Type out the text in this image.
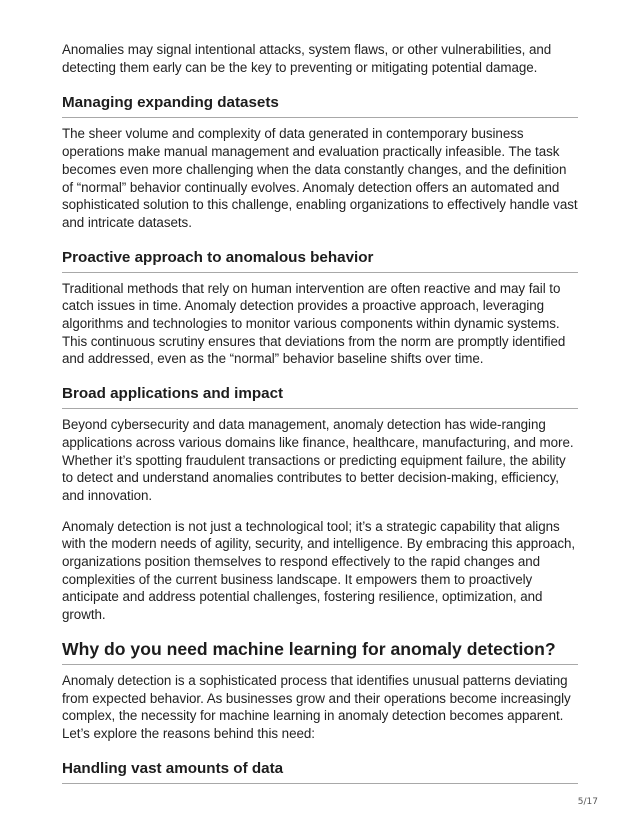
Anomalies may signal intentional attacks, system flaws, or other vulnerabilities, and detecting them early can be the key to preventing or mitigating potential damage.

Managing expanding datasets

The sheer volume and complexity of data generated in contemporary business operations make manual management and evaluation practically infeasible. The task becomes even more challenging when the data constantly changes, and the definition of “normal” behavior continually evolves. Anomaly detection offers an automated and sophisticated solution to this challenge, enabling organizations to effectively handle vast and intricate datasets.

Proactive approach to anomalous behavior

Traditional methods that rely on human intervention are often reactive and may fail to catch issues in time. Anomaly detection provides a proactive approach, leveraging algorithms and technologies to monitor various components within dynamic systems. This continuous scrutiny ensures that deviations from the norm are promptly identified and addressed, even as the “normal” behavior baseline shifts over time.

Broad applications and impact

Beyond cybersecurity and data management, anomaly detection has wide-ranging applications across various domains like finance, healthcare, manufacturing, and more. Whether it’s spotting fraudulent transactions or predicting equipment failure, the ability to detect and understand anomalies contributes to better decision-making, efficiency, and innovation.

Anomaly detection is not just a technological tool; it’s a strategic capability that aligns with the modern needs of agility, security, and intelligence. By embracing this approach, organizations position themselves to respond effectively to the rapid changes and complexities of the current business landscape. It empowers them to proactively anticipate and address potential challenges, fostering resilience, optimization, and growth.

Why do you need machine learning for anomaly detection?

Anomaly detection is a sophisticated process that identifies unusual patterns deviating from expected behavior. As businesses grow and their operations become increasingly complex, the necessity for machine learning in anomaly detection becomes apparent. Let’s explore the reasons behind this need:

Handling vast amounts of data
5/17
